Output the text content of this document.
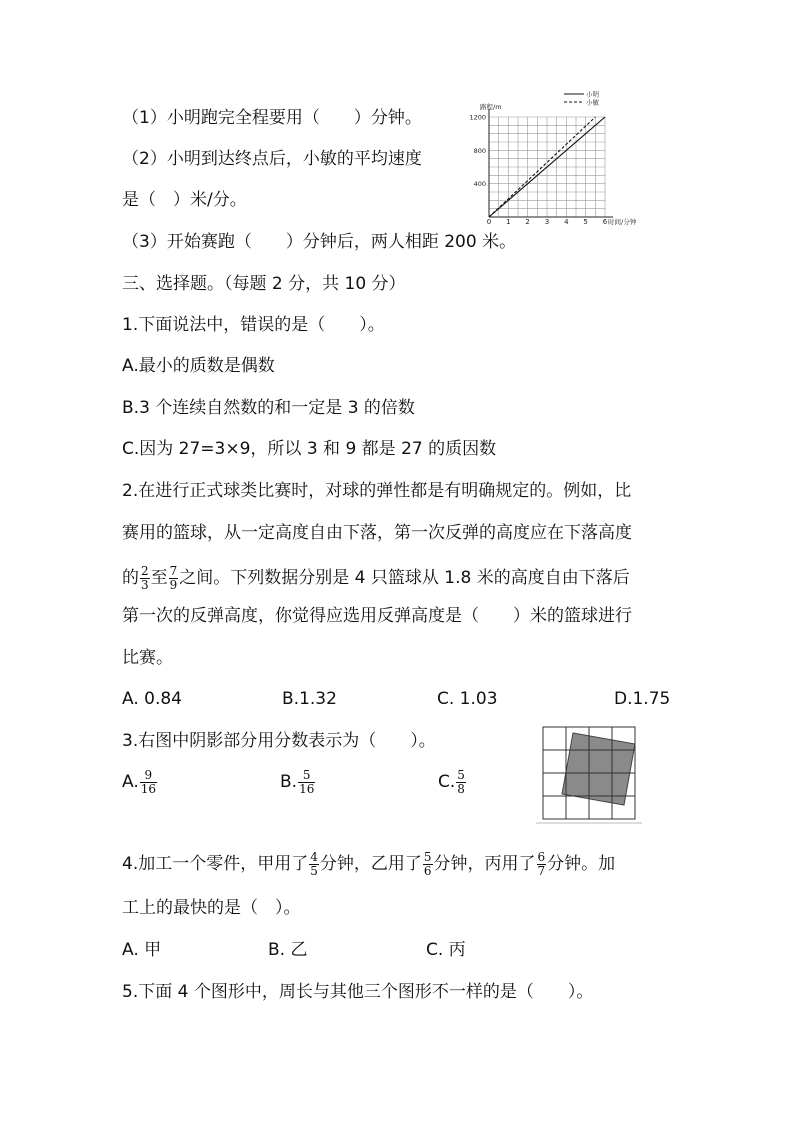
（1）小明跑完全程要用（　　）分钟。
（2）小明到达终点后，小敏的平均速度
是（　）米/分。
（3）开始赛跑（　　）分钟后，两人相距 200 米。
0 1 2 3 4 5 6
400
800
1200
路程/m
时间/分钟
小明
小敏
三、选择题。（每题 2 分，共 10 分）
1.下面说法中，错误的是（　　）。
A.最小的质数是偶数
B.3 个连续自然数的和一定是 3 的倍数
C.因为 27=3×9，所以 3 和 9 都是 27 的质因数
2.在进行正式球类比赛时，对球的弹性都是有明确规定的。例如，比
赛用的篮球，从一定高度自由下落，第一次反弹的高度应在下落高度
的 $\frac{2}{3}$ 至 $\frac{7}{9}$ 之间。下列数据分别是 4 只篮球从 1.8 米的高度自由下落后
第一次的反弹高度，你觉得应选用反弹高度是（　　）米的篮球进行
比赛。
A. 0.84	B.1.32	C. 1.03	D.1.75
3.右图中阴影部分用分数表示为（　　）。
A. $\frac{9}{16}$	B. $\frac{5}{16}$	C. $\frac{5}{8}$
4.加工一个零件，甲用了 $\frac{4}{5}$ 分钟，乙用了 $\frac{5}{6}$ 分钟，丙用了 $\frac{6}{7}$ 分钟。加
工上的最快的是（　）。
A. 甲	B. 乙	C. 丙
5.下面 4 个图形中，周长与其他三个图形不一样的是（　　）。
